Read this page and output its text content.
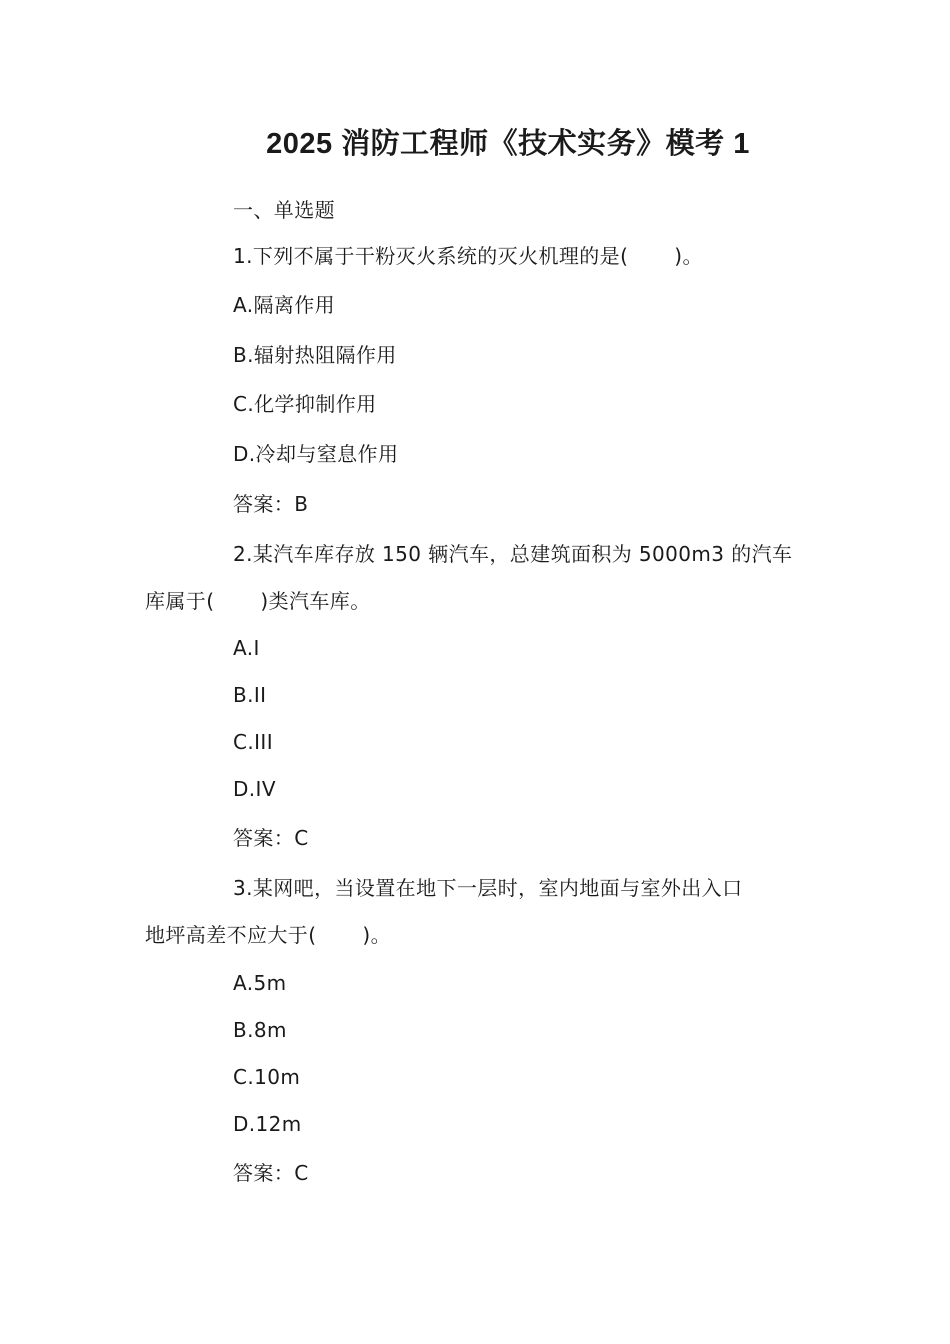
2025 消防工程师《技术实务》模考 1
一、单选题
1.下列不属于干粉灭火系统的灭火机理的是( )。
A.隔离作用
B.辐射热阻隔作用
C.化学抑制作用
D.冷却与窒息作用
答案：B
2.某汽车库存放 150 辆汽车，总建筑面积为 5000m3 的汽车
库属于( )类汽车库。
A.I
B.II
C.III
D.IV
答案：C
3.某网吧，当设置在地下一层时，室内地面与室外出入口
地坪高差不应大于( )。
A.5m
B.8m
C.10m
D.12m
答案：C
